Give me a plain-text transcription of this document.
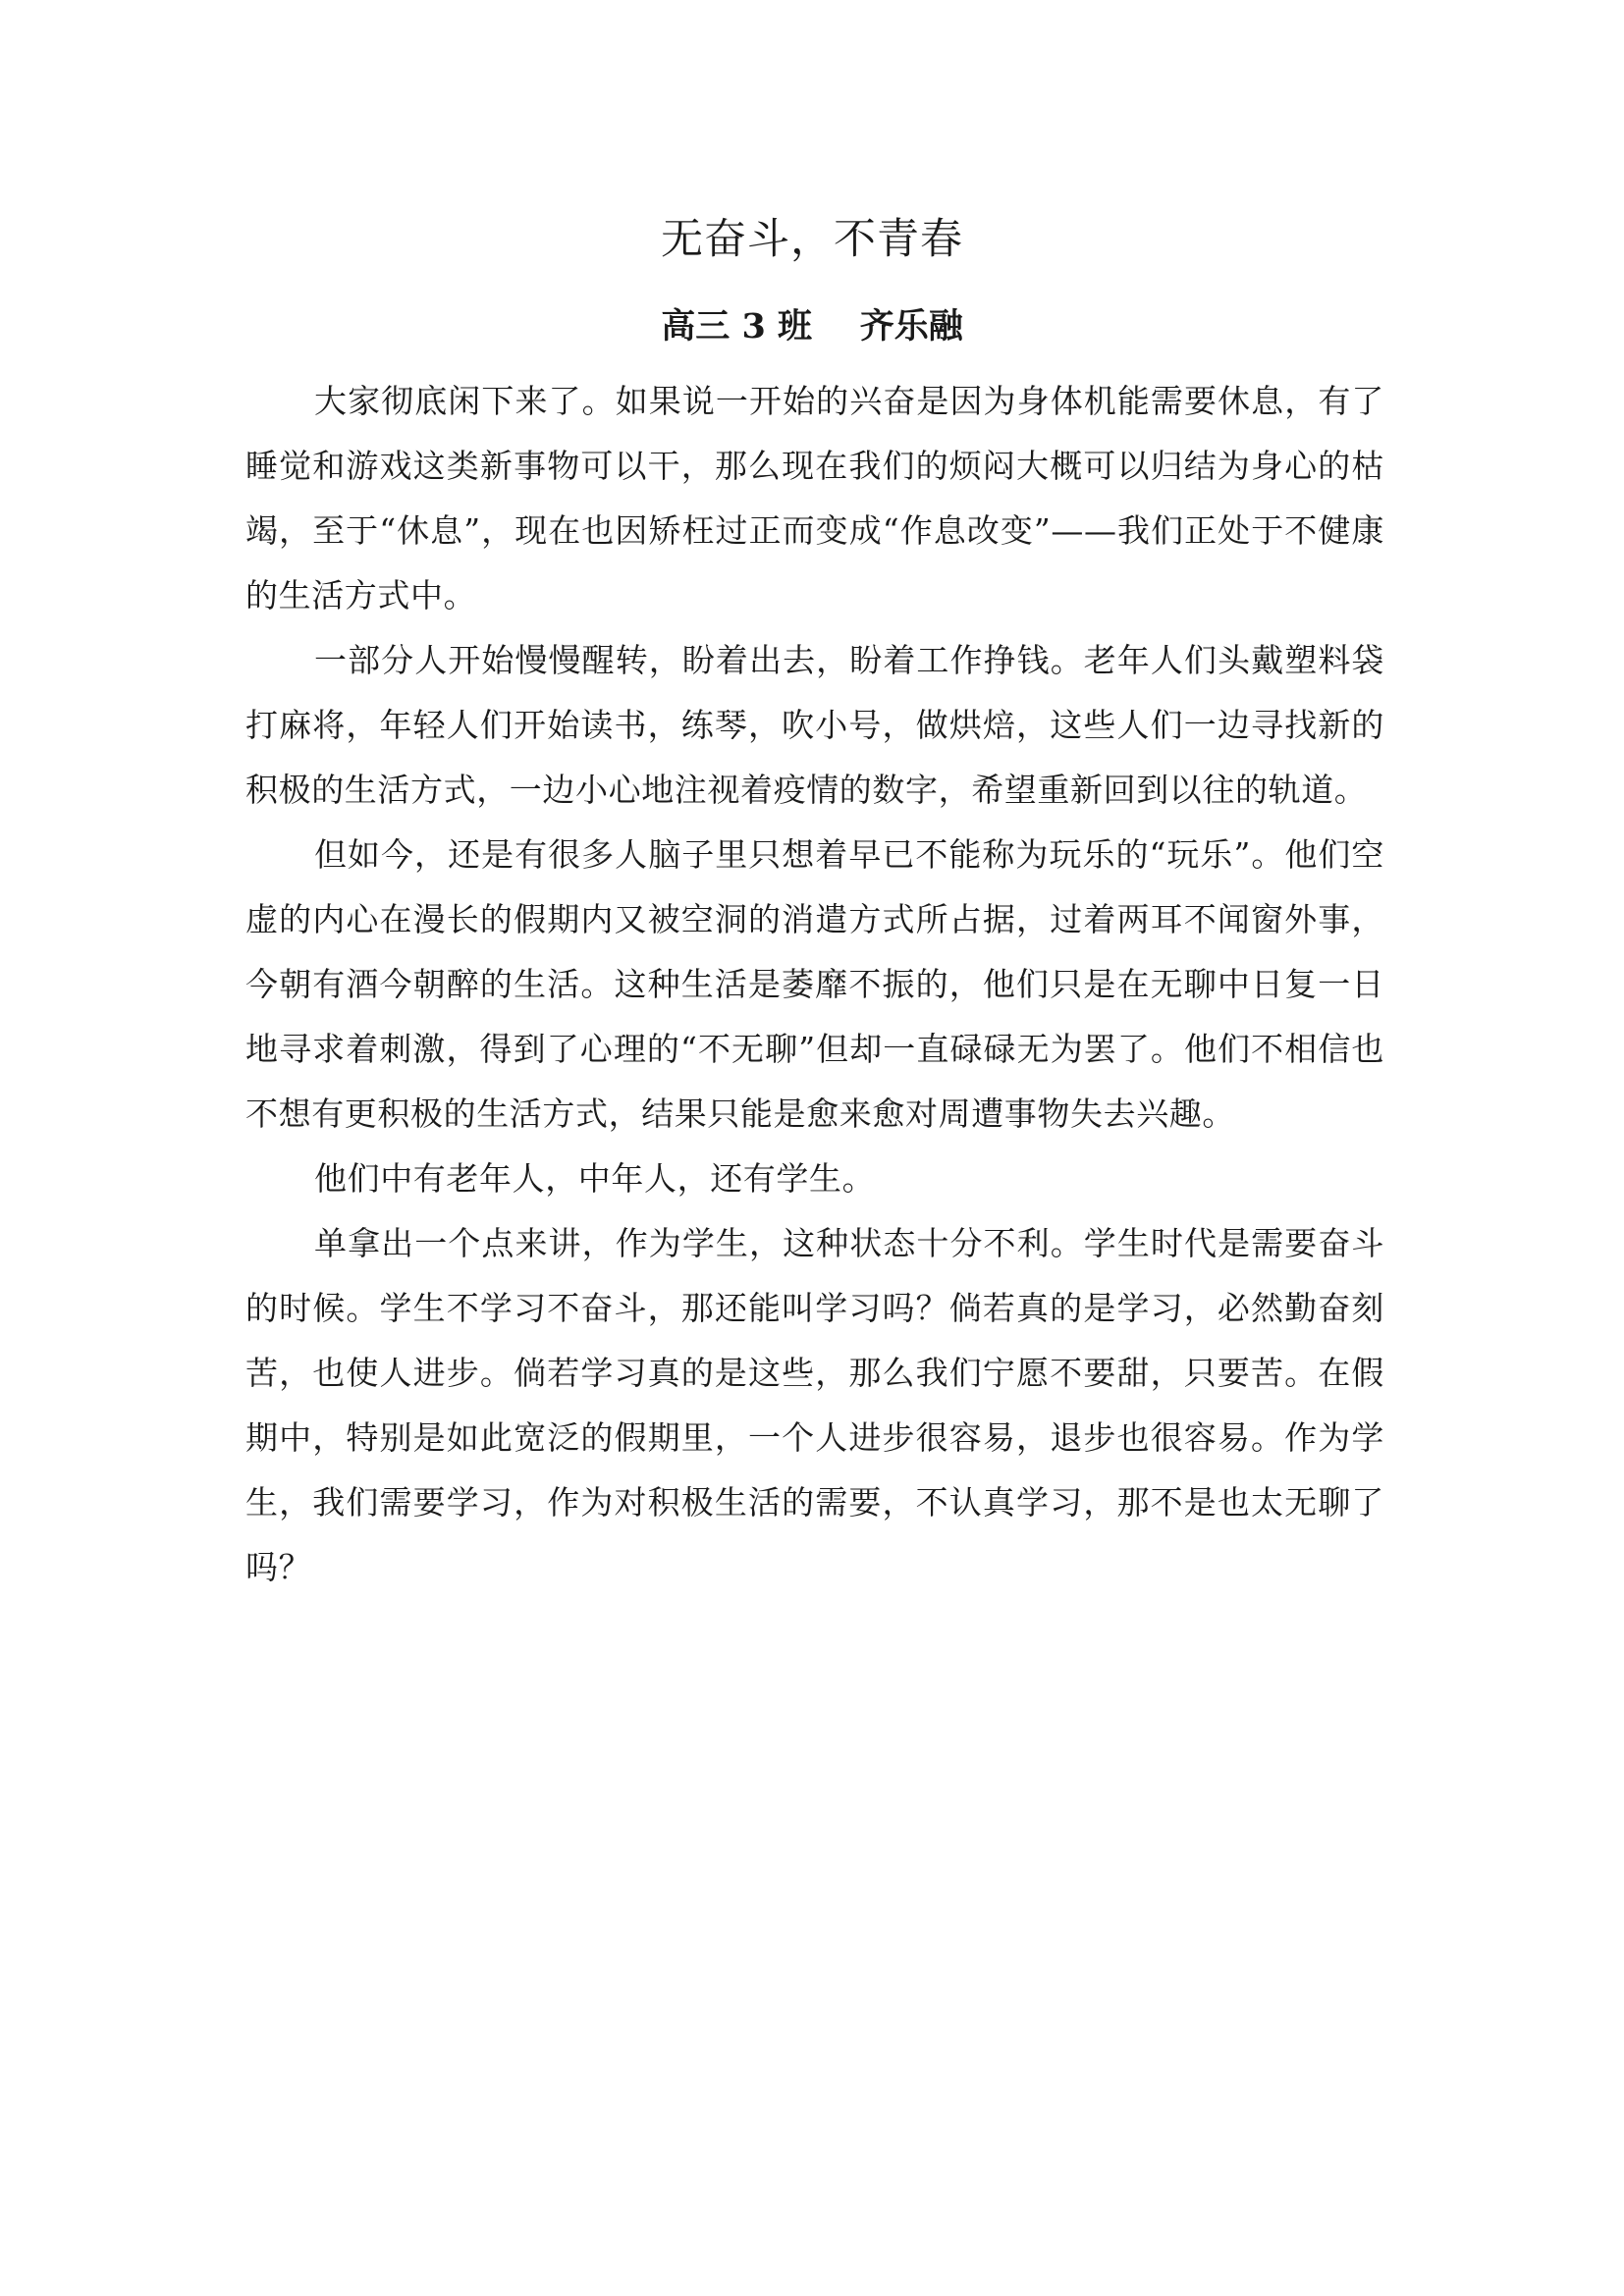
无奋斗，不青春
高三 3 班    齐乐融

大家彻底闲下来了。如果说一开始的兴奋是因为身体机能需要休息，有了睡觉和游戏这类新事物可以干，那么现在我们的烦闷大概可以归结为身心的枯竭，至于“休息”，现在也因矫枉过正而变成“作息改变”——我们正处于不健康的生活方式中。

一部分人开始慢慢醒转，盼着出去，盼着工作挣钱。老年人们头戴塑料袋打麻将，年轻人们开始读书，练琴，吹小号，做烘焙，这些人们一边寻找新的积极的生活方式，一边小心地注视着疫情的数字，希望重新回到以往的轨道。

但如今，还是有很多人脑子里只想着早已不能称为玩乐的“玩乐”。他们空虚的内心在漫长的假期内又被空洞的消遣方式所占据，过着两耳不闻窗外事，今朝有酒今朝醉的生活。这种生活是萎靡不振的，他们只是在无聊中日复一日地寻求着刺激，得到了心理的“不无聊”但却一直碌碌无为罢了。他们不相信也不想有更积极的生活方式，结果只能是愈来愈对周遭事物失去兴趣。

他们中有老年人，中年人，还有学生。

单拿出一个点来讲，作为学生，这种状态十分不利。学生时代是需要奋斗的时候。学生不学习不奋斗，那还能叫学习吗？倘若真的是学习，必然勤奋刻苦，也使人进步。倘若学习真的是这些，那么我们宁愿不要甜，只要苦。在假期中，特别是如此宽泛的假期里，一个人进步很容易，退步也很容易。作为学生，我们需要学习，作为对积极生活的需要，不认真学习，那不是也太无聊了吗？
